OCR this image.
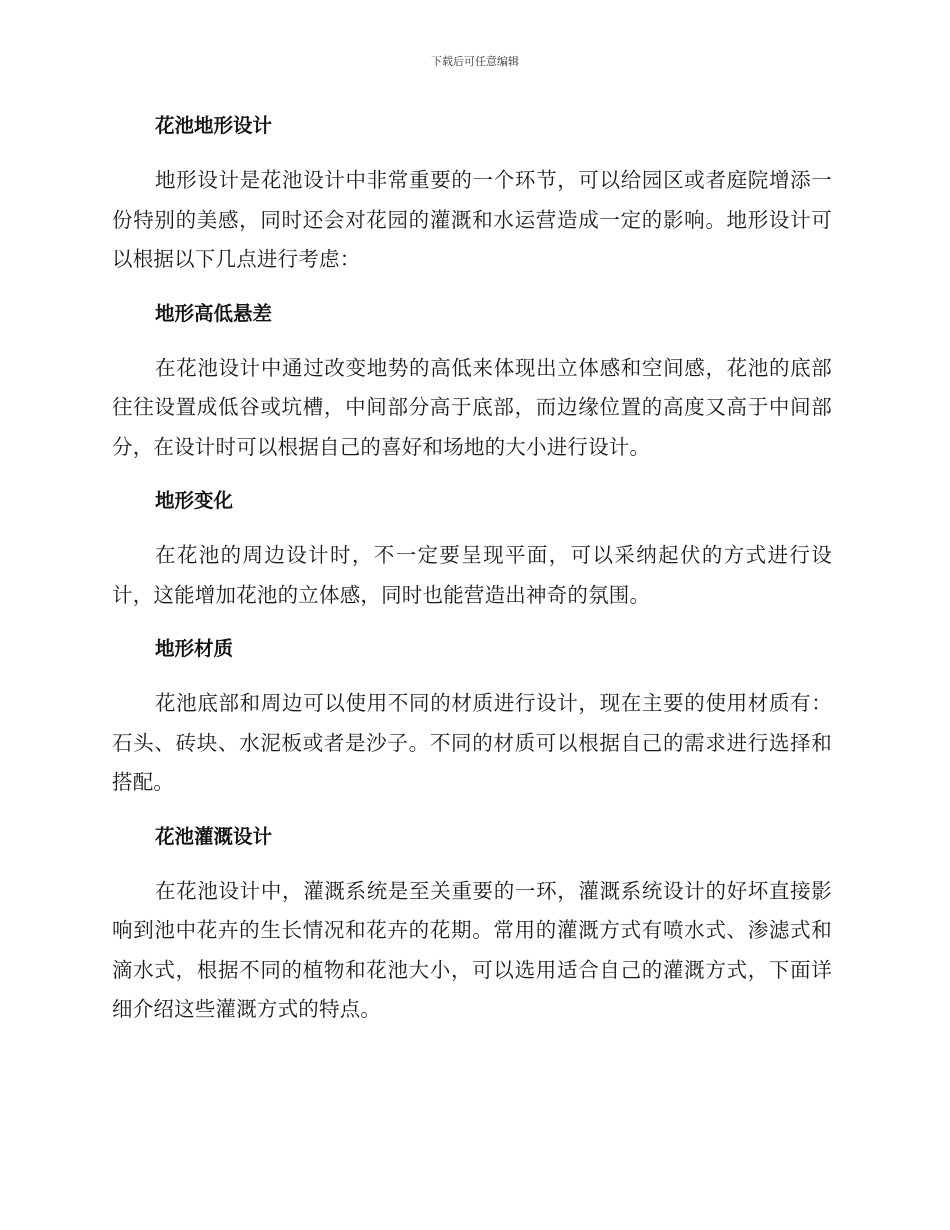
下载后可任意编辑
花池地形设计

地形设计是花池设计中非常重要的一个环节，可以给园区或者庭院增添一份特别的美感，同时还会对花园的灌溉和水运营造成一定的影响。地形设计可以根据以下几点进行考虑：

地形高低悬差

在花池设计中通过改变地势的高低来体现出立体感和空间感，花池的底部往往设置成低谷或坑槽，中间部分高于底部，而边缘位置的高度又高于中间部分，在设计时可以根据自己的喜好和场地的大小进行设计。

地形变化

在花池的周边设计时，不一定要呈现平面，可以采纳起伏的方式进行设计，这能增加花池的立体感，同时也能营造出神奇的氛围。

地形材质

花池底部和周边可以使用不同的材质进行设计，现在主要的使用材质有：石头、砖块、水泥板或者是沙子。不同的材质可以根据自己的需求进行选择和搭配。

花池灌溉设计

在花池设计中，灌溉系统是至关重要的一环，灌溉系统设计的好坏直接影响到池中花卉的生长情况和花卉的花期。常用的灌溉方式有喷水式、渗滤式和滴水式，根据不同的植物和花池大小，可以选用适合自己的灌溉方式，下面详细介绍这些灌溉方式的特点。
